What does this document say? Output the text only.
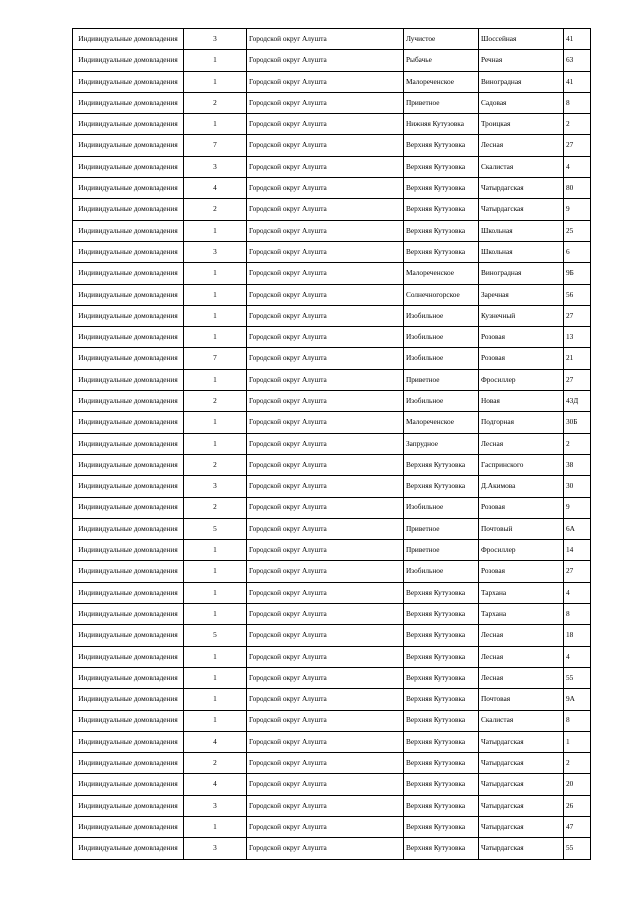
Индивидуальные домовладения	3	Городской округ Алушта	Лучистое	Шоссейная	41
Индивидуальные домовладения	1	Городской округ Алушта	Рыбачье	Речная	63
Индивидуальные домовладения	1	Городской округ Алушта	Малореченское	Виноградная	41
Индивидуальные домовладения	2	Городской округ Алушта	Приветное	Садовая	8
Индивидуальные домовладения	1	Городской округ Алушта	Нижняя Кутузовка	Троицкая	2
Индивидуальные домовладения	7	Городской округ Алушта	Верхняя Кутузовка	Лесная	27
Индивидуальные домовладения	3	Городской округ Алушта	Верхняя Кутузовка	Скалистая	4
Индивидуальные домовладения	4	Городской округ Алушта	Верхняя Кутузовка	Чатырдагская	80
Индивидуальные домовладения	2	Городской округ Алушта	Верхняя Кутузовка	Чатырдагская	9
Индивидуальные домовладения	1	Городской округ Алушта	Верхняя Кутузовка	Школьная	25
Индивидуальные домовладения	3	Городской округ Алушта	Верхняя Кутузовка	Школьная	6
Индивидуальные домовладения	1	Городской округ Алушта	Малореченское	Виноградная	9Б
Индивидуальные домовладения	1	Городской округ Алушта	Солнечногорское	Заречная	56
Индивидуальные домовладения	1	Городской округ Алушта	Изобильное	Кузнечный	27
Индивидуальные домовладения	1	Городской округ Алушта	Изобильное	Розовая	13
Индивидуальные домовладения	7	Городской округ Алушта	Изобильное	Розовая	21
Индивидуальные домовладения	1	Городской округ Алушта	Приветное	Фросиллер	27
Индивидуальные домовладения	2	Городской округ Алушта	Изобильное	Новая	43Д
Индивидуальные домовладения	1	Городской округ Алушта	Малореченское	Подгорная	30Б
Индивидуальные домовладения	1	Городской округ Алушта	Запрудное	Лесная	2
Индивидуальные домовладения	2	Городской округ Алушта	Верхняя Кутузовка	Гаспринского	38
Индивидуальные домовладения	3	Городской округ Алушта	Верхняя Кутузовка	Д.Акимова	30
Индивидуальные домовладения	2	Городской округ Алушта	Изобильное	Розовая	9
Индивидуальные домовладения	5	Городской округ Алушта	Приветное	Почтовый	6А
Индивидуальные домовладения	1	Городской округ Алушта	Приветное	Фросиллер	14
Индивидуальные домовладения	1	Городской округ Алушта	Изобильное	Розовая	27
Индивидуальные домовладения	1	Городской округ Алушта	Верхняя Кутузовка	Тархана	4
Индивидуальные домовладения	1	Городской округ Алушта	Верхняя Кутузовка	Тархана	8
Индивидуальные домовладения	5	Городской округ Алушта	Верхняя Кутузовка	Лесная	18
Индивидуальные домовладения	1	Городской округ Алушта	Верхняя Кутузовка	Лесная	4
Индивидуальные домовладения	1	Городской округ Алушта	Верхняя Кутузовка	Лесная	55
Индивидуальные домовладения	1	Городской округ Алушта	Верхняя Кутузовка	Почтовая	9А
Индивидуальные домовладения	1	Городской округ Алушта	Верхняя Кутузовка	Скалистая	8
Индивидуальные домовладения	4	Городской округ Алушта	Верхняя Кутузовка	Чатырдагская	1
Индивидуальные домовладения	2	Городской округ Алушта	Верхняя Кутузовка	Чатырдагская	2
Индивидуальные домовладения	4	Городской округ Алушта	Верхняя Кутузовка	Чатырдагская	20
Индивидуальные домовладения	3	Городской округ Алушта	Верхняя Кутузовка	Чатырдагская	26
Индивидуальные домовладения	1	Городской округ Алушта	Верхняя Кутузовка	Чатырдагская	47
Индивидуальные домовладения	3	Городской округ Алушта	Верхняя Кутузовка	Чатырдагская	55
